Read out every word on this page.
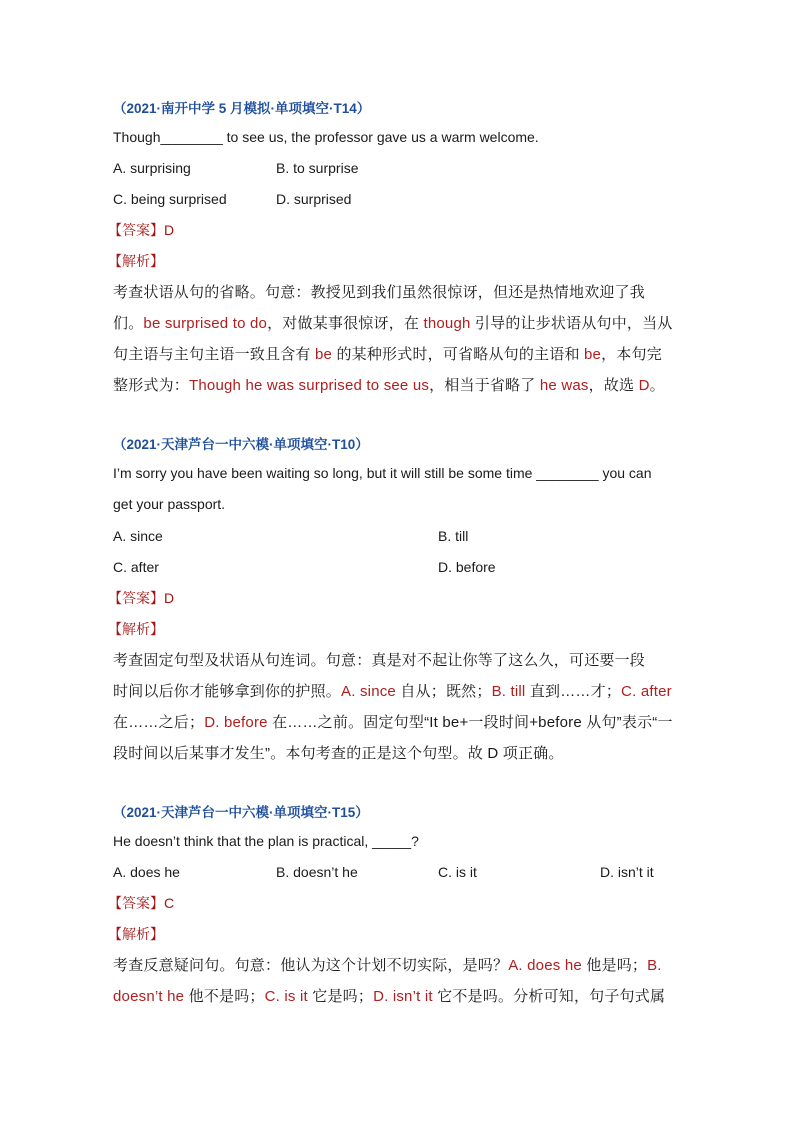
（2021·南开中学 5 月模拟·单项填空·T14）
Though________ to see us, the professor gave us a warm welcome.
A. surprising	B. to surprise
C. being surprised	D. surprised
【答案】D
【解析】
考查状语从句的省略。句意：教授见到我们虽然很惊讶，但还是热情地欢迎了我
们。be surprised to do，对做某事很惊讶，在 though 引导的让步状语从句中，当从
句主语与主句主语一致且含有 be 的某种形式时，可省略从句的主语和 be，本句完
整形式为：Though he was surprised to see us，相当于省略了 he was，故选 D。
（2021·天津芦台一中六模·单项填空·T10）
I’m sorry you have been waiting so long, but it will still be some time ________ you can
get your passport.
A. since	B. till
C. after	D. before
【答案】D
【解析】
考查固定句型及状语从句连词。句意：真是对不起让你等了这么久，可还要一段
时间以后你才能够拿到你的护照。A. since 自从；既然；B. till 直到……才；C. after
在……之后；D. before 在……之前。固定句型“It be+一段时间+before 从句”表示“一
段时间以后某事才发生”。本句考查的正是这个句型。故 D 项正确。
（2021·天津芦台一中六模·单项填空·T15）
He doesn’t think that the plan is practical, _____?
A. does he	B. doesn’t he	C. is it	D. isn’t it
【答案】C
【解析】
考查反意疑问句。句意：他认为这个计划不切实际，是吗？A. does he 他是吗；B.
doesn’t he 他不是吗；C. is it 它是吗；D. isn’t it 它不是吗。分析可知，句子句式属
